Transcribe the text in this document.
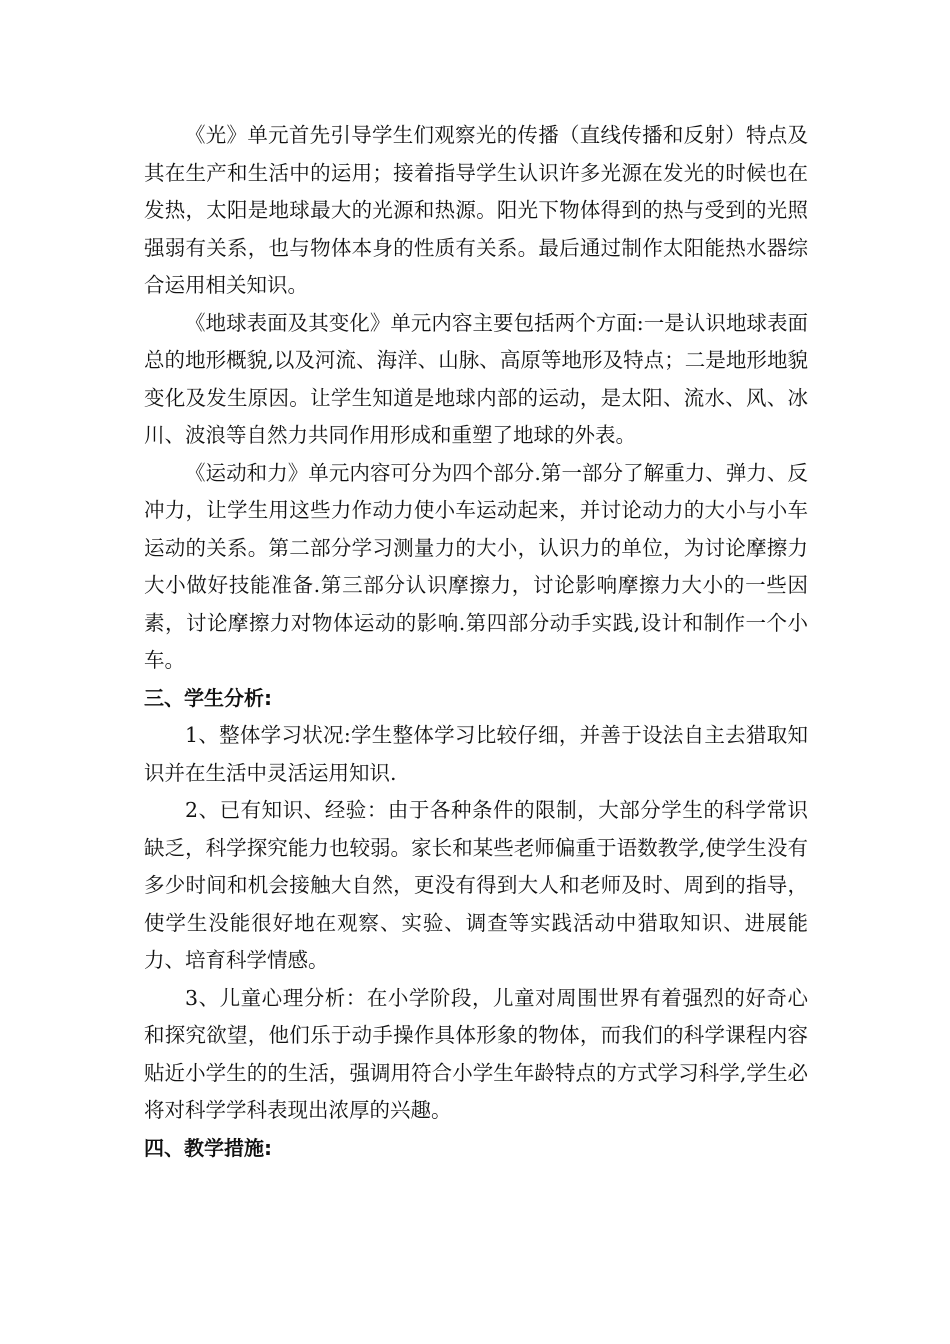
《光》单元首先引导学生们观察光的传播（直线传播和反射）特点及其在生产和生活中的运用；接着指导学生认识许多光源在发光的时候也在发热，太阳是地球最大的光源和热源。阳光下物体得到的热与受到的光照强弱有关系，也与物体本身的性质有关系。最后通过制作太阳能热水器综合运用相关知识。

《地球表面及其变化》单元内容主要包括两个方面:一是认识地球表面总的地形概貌,以及河流、海洋、山脉、高原等地形及特点；二是地形地貌变化及发生原因。让学生知道是地球内部的运动，是太阳、流水、风、冰川、波浪等自然力共同作用形成和重塑了地球的外表。

《运动和力》单元内容可分为四个部分.第一部分了解重力、弹力、反冲力，让学生用这些力作动力使小车运动起来，并讨论动力的大小与小车运动的关系。第二部分学习测量力的大小，认识力的单位，为讨论摩擦力大小做好技能准备.第三部分认识摩擦力，讨论影响摩擦力大小的一些因素，讨论摩擦力对物体运动的影响.第四部分动手实践,设计和制作一个小车。

三、学生分析:

1、整体学习状况:学生整体学习比较仔细，并善于设法自主去猎取知识并在生活中灵活运用知识.

2、已有知识、经验：由于各种条件的限制，大部分学生的科学常识缺乏，科学探究能力也较弱。家长和某些老师偏重于语数教学,使学生没有多少时间和机会接触大自然，更没有得到大人和老师及时、周到的指导，使学生没能很好地在观察、实验、调查等实践活动中猎取知识、进展能力、培育科学情感。

3、儿童心理分析：在小学阶段，儿童对周围世界有着强烈的好奇心和探究欲望，他们乐于动手操作具体形象的物体，而我们的科学课程内容贴近小学生的的生活，强调用符合小学生年龄特点的方式学习科学,学生必将对科学学科表现出浓厚的兴趣。

四、教学措施:
